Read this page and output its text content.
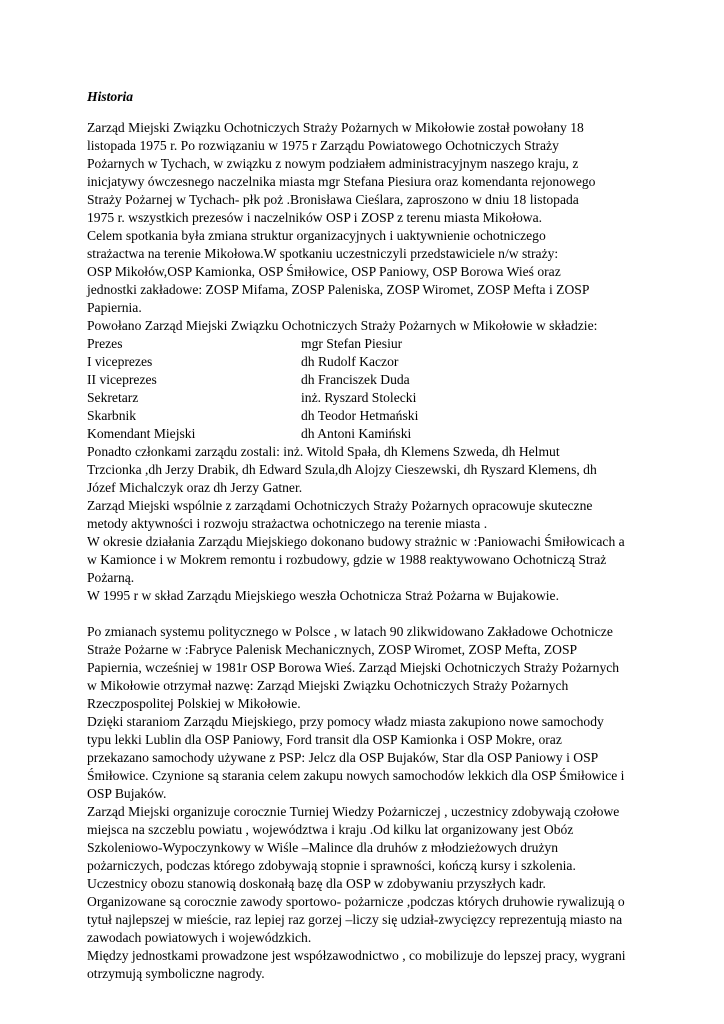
Historia

Zarząd Miejski Związku Ochotniczych Straży Pożarnych w Mikołowie został powołany 18

listopada 1975 r. Po rozwiązaniu w 1975 r Zarządu Powiatowego Ochotniczych Straży

Pożarnych w Tychach, w związku z nowym podziałem administracyjnym naszego kraju, z

inicjatywy ówczesnego naczelnika miasta mgr Stefana Piesiura oraz komendanta rejonowego

Straży Pożarnej w Tychach- płk poż .Bronisława Cieślara, zaproszono w dniu 18 listopada

1975 r. wszystkich prezesów i naczelników OSP i ZOSP z terenu miasta Mikołowa.

Celem spotkania była zmiana struktur organizacyjnych i uaktywnienie ochotniczego

strażactwa na terenie Mikołowa.W spotkaniu uczestniczyli przedstawiciele n/w straży:

OSP Mikołów,OSP Kamionka, OSP Śmiłowice, OSP Paniowy, OSP Borowa Wieś oraz

jednostki zakładowe: ZOSP Mifama, ZOSP Paleniska, ZOSP Wiromet, ZOSP Mefta i ZOSP

Papiernia.

Powołano Zarząd Miejski Związku Ochotniczych Straży Pożarnych w Mikołowie w składzie:

Prezes	mgr Stefan Piesiur
I viceprezes	dh Rudolf Kaczor
II viceprezes	dh Franciszek Duda
Sekretarz	inż. Ryszard Stolecki
Skarbnik	dh Teodor Hetmański
Komendant Miejski	dh Antoni Kamiński

Ponadto członkami zarządu zostali: inż. Witold Spała, dh Klemens Szweda, dh Helmut

Trzcionka ,dh Jerzy Drabik, dh Edward Szula,dh Alojzy Cieszewski, dh Ryszard Klemens, dh

Józef Michalczyk oraz dh Jerzy Gatner.

Zarząd Miejski wspólnie z zarządami Ochotniczych Straży Pożarnych opracowuje skuteczne

metody aktywności i rozwoju strażactwa ochotniczego na terenie miasta .

W okresie działania Zarządu Miejskiego dokonano budowy strażnic w :Paniowachi Śmiłowicach a

w Kamionce i w Mokrem remontu i rozbudowy, gdzie w 1988 reaktywowano Ochotniczą Straż

Pożarną.

W 1995 r w skład Zarządu Miejskiego weszła Ochotnicza Straż Pożarna w Bujakowie.

Po zmianach systemu politycznego w Polsce , w latach 90 zlikwidowano Zakładowe Ochotnicze

Straże Pożarne w :Fabryce Palenisk Mechanicznych, ZOSP Wiromet, ZOSP Mefta, ZOSP

Papiernia, wcześniej w 1981r OSP Borowa Wieś. Zarząd Miejski Ochotniczych Straży Pożarnych

w Mikołowie otrzymał nazwę: Zarząd Miejski Związku Ochotniczych Straży Pożarnych

Rzeczpospolitej Polskiej w Mikołowie.

Dzięki staraniom Zarządu Miejskiego, przy pomocy władz miasta zakupiono nowe samochody

typu lekki Lublin dla OSP Paniowy, Ford transit dla OSP Kamionka i OSP Mokre, oraz

przekazano samochody używane z PSP: Jelcz dla OSP Bujaków, Star dla OSP Paniowy i OSP

Śmiłowice. Czynione są starania celem zakupu nowych samochodów lekkich dla OSP Śmiłowice i

OSP Bujaków.

Zarząd Miejski organizuje corocznie Turniej Wiedzy Pożarniczej , uczestnicy zdobywają czołowe

miejsca na szczeblu powiatu , województwa i kraju .Od kilku lat organizowany jest Obóz

Szkoleniowo-Wypoczynkowy w Wiśle –Malince dla druhów z młodzieżowych drużyn

pożarniczych, podczas którego zdobywają stopnie i sprawności, kończą kursy i szkolenia.

Uczestnicy obozu stanowią doskonałą bazę dla OSP w zdobywaniu przyszłych kadr.

Organizowane są corocznie zawody sportowo- pożarnicze ,podczas których druhowie rywalizują o

tytuł najlepszej w mieście, raz lepiej raz gorzej –liczy się udział-zwycięzcy reprezentują miasto na

zawodach powiatowych i wojewódzkich.

Między jednostkami prowadzone jest współzawodnictwo , co mobilizuje do lepszej pracy, wygrani

otrzymują symboliczne nagrody.
